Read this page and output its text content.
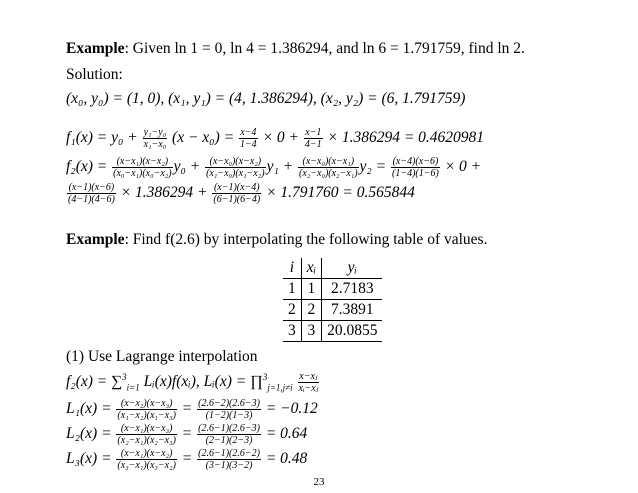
Example: Given ln 1 = 0, ln 4 = 1.386294, and ln 6 = 1.791759, find ln 2.
Solution:
(x₀, y₀) = (1, 0), (x₁, y₁) = (4, 1.386294), (x₂, y₂) = (6, 1.791759)
$f_1(x) = y_0 + \frac{\text{y₁−y₀}}{\text{x₁−x₀}} (x - x_0) = \frac{x-4}{1-4} \times 0 + \frac{x-1}{4-1} \times 1.386294 = 0.4620981$
$f_2(x) = \frac{\text{(x−x₁)(x−x₂)}}{\text{(x₀−x₁)(x₀−x₂)}} y_0 + \frac{\text{(x−x₀)(x−x₂)}}{\text{(x₁−x₀)(x₁−x₂)}} y_1 + \frac{\text{(x−x₀)(x−x₁)}}{\text{(x₂−x₀)(x₂−x₁)}} y_2 = \frac{(x-4)(x-6)}{(1-4)(1-6)} \times 0$ +
$\frac{(x-1)(x-6)}{(4-1)(4-6)} \times 1.386294 + \frac{(x-1)(x-4)}{(6-1)(6-4)} \times 1.791760 = 0.565844$
Example: Find f(2.6) by interpolating the following table of values.
i	xᵢ	yᵢ
1	1	2.7183
2	2	7.3891
3	3	20.0855
(1) Use Lagrange interpolation
f₂(x) = ∑$^3_{i=1}$ Lᵢ(x)f(xᵢ), Lᵢ(x) = ∏$^3_{j=1,j\ne i}$ $\frac{\text{x−xⱼ}}{\text{xᵢ−xⱼ}}$
$L_1(x) = \frac{\text{(x−x₂)(x−x₃)}}{\text{(x₁−x₂)(x₁−x₃)}} = \frac{(2.6-2)(2.6-3)}{(1-2)(1-3)} = -0.12$
$L_2(x) = \frac{\text{(x−x₁)(x−x₃)}}{\text{(x₂−x₁)(x₂−x₃)}} = \frac{(2.6-1)(2.6-3)}{(2-1)(2-3)} = 0.64$
$L_3(x) = \frac{\text{(x−x₁)(x−x₂)}}{\text{(x₃−x₁)(x₃−x₂)}} = \frac{(2.6-1)(2.6-2)}{(3-1)(3-2)} = 0.48$
23
